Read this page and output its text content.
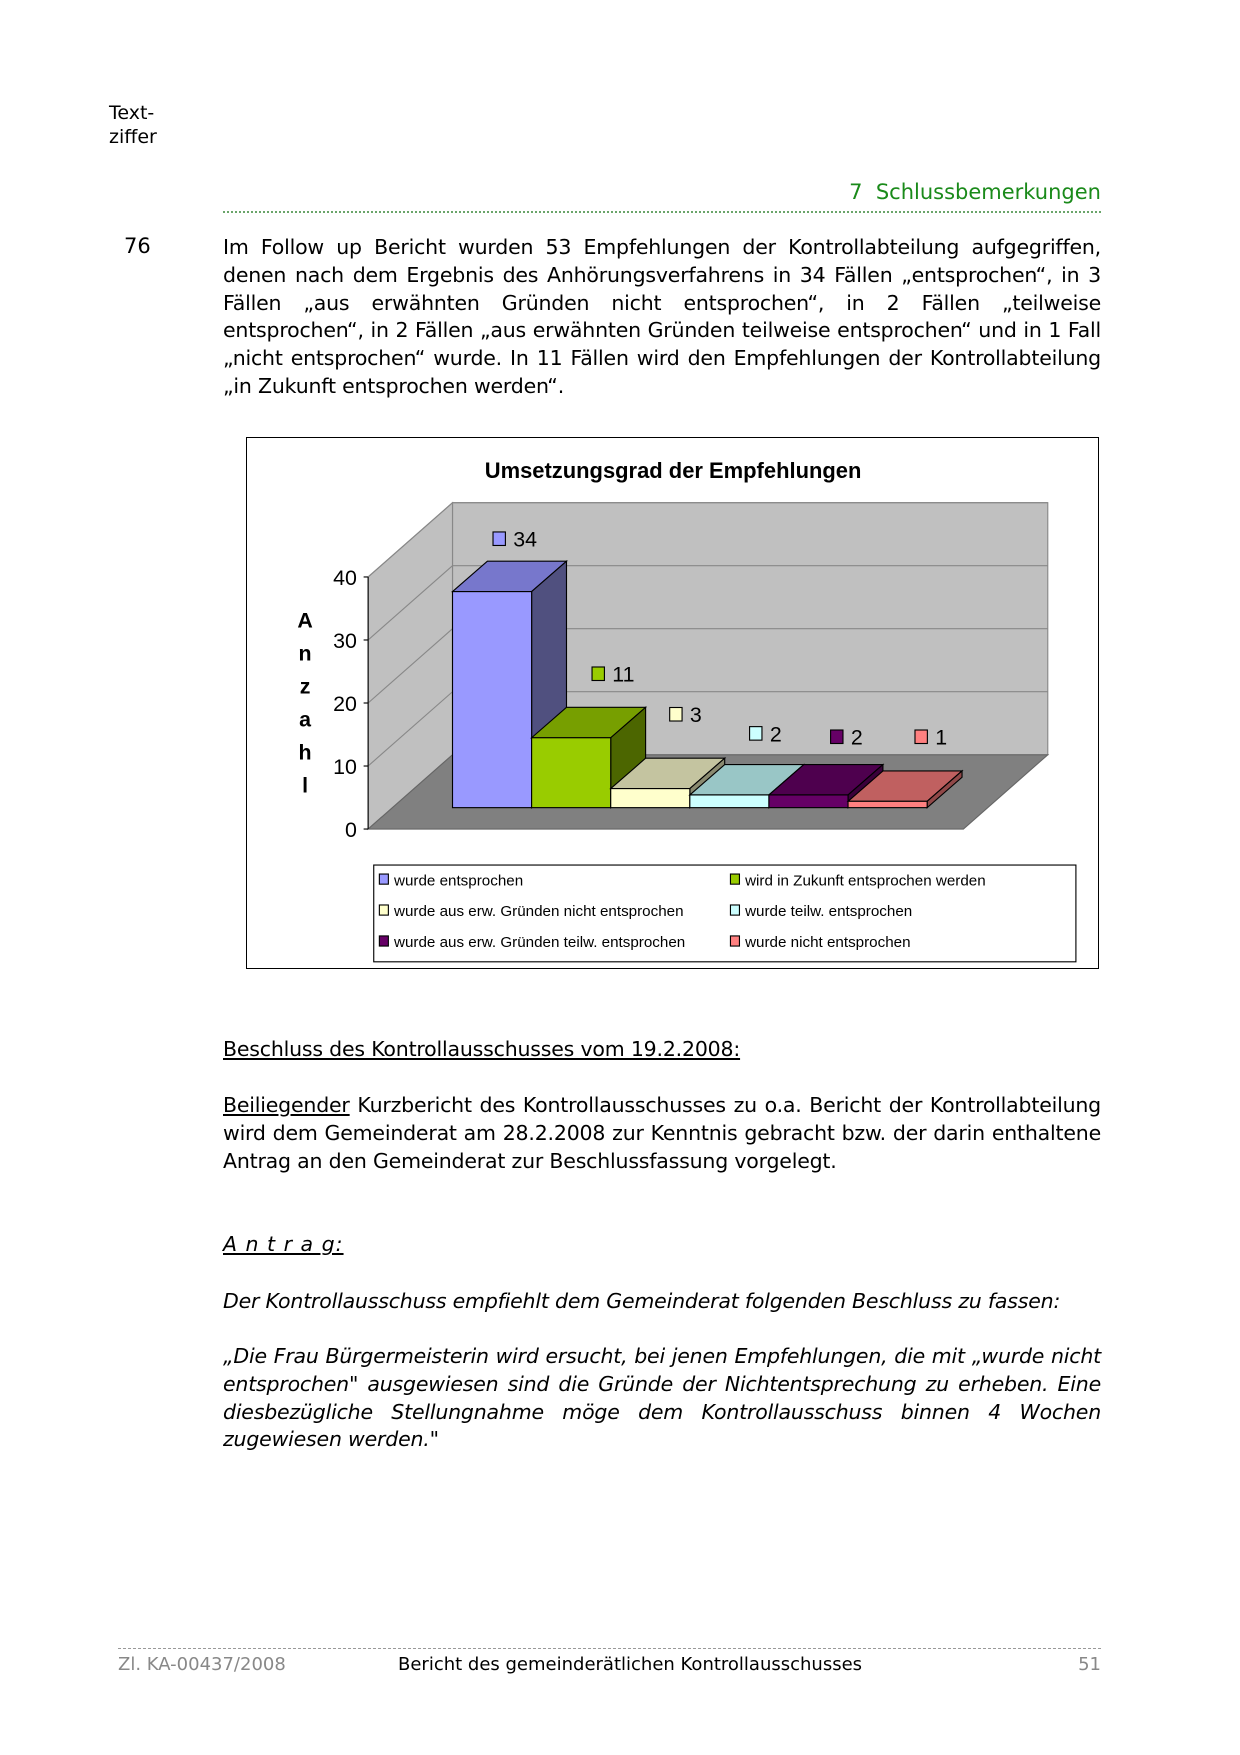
Text-
ziffer
7  Schlussbemerkungen
76	Im Follow up Bericht wurden 53 Empfehlungen der Kontrollabteilung aufgegriffen, denen nach dem Ergebnis des Anhörungsverfahrens in 34 Fällen „entsprochen“, in 3 Fällen „aus erwähnten Gründen nicht entsprochen“, in 2 Fällen „teilweise entsprochen“, in 2 Fällen „aus erwähnten Gründen teilweise entsprochen“ und in 1 Fall „nicht entsprochen“ wurde. In 11 Fällen wird den Empfehlungen der Kontrollabteilung „in Zukunft entsprochen werden“.
0
10
20
30
40
A
n
z
a
h
l
Umsetzungsgrad der Empfehlungen
34
11
3
2	2	1
wurde entsprochen	wird in Zukunft entsprochen werden
wurde aus erw. Gründen nicht entsprochen	wurde teilw. entsprochen
wurde aus erw. Gründen teilw. entsprochen	wurde nicht entsprochen
Beschluss des Kontrollausschusses vom 19.2.2008:
Beiliegender Kurzbericht des Kontrollausschusses zu o.a. Bericht der Kontrollabteilung wird dem Gemeinderat am 28.2.2008 zur Kenntnis gebracht bzw. der darin enthaltene Antrag an den Gemeinderat zur Beschlussfassung vorgelegt.
A n t r a g:
Der Kontrollausschuss empfiehlt dem Gemeinderat folgenden Beschluss zu fassen:
„Die Frau Bürgermeisterin wird ersucht, bei jenen Empfehlungen, die mit „wurde nicht entsprochen" ausgewiesen sind die Gründe der Nichtentsprechung zu erheben. Eine diesbezügliche Stellungnahme möge dem Kontrollausschuss binnen 4 Wochen zugewiesen werden."
Zl. KA-00437/2008	Bericht des gemeinderätlichen Kontrollausschusses	51
